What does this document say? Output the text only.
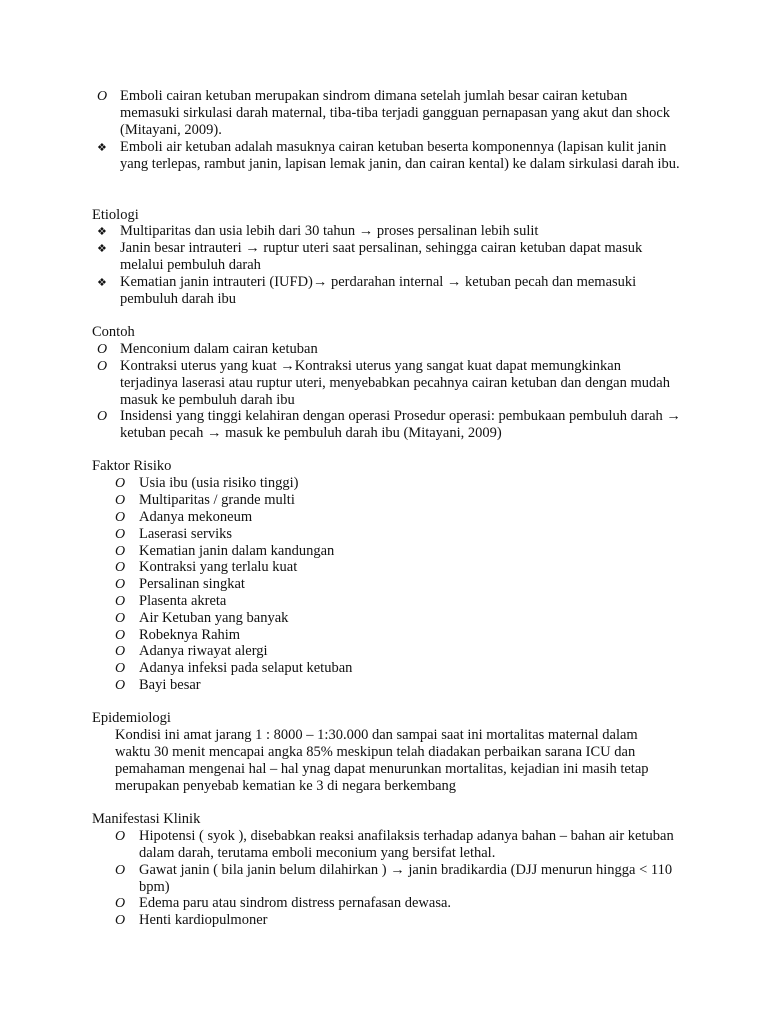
O Emboli cairan ketuban merupakan sindrom dimana setelah jumlah besar cairan ketuban memasuki sirkulasi darah maternal, tiba-tiba terjadi gangguan pernapasan yang akut dan shock (Mitayani, 2009).
❖ Emboli air ketuban adalah masuknya cairan ketuban beserta komponennya (lapisan kulit janin yang terlepas, rambut janin, lapisan lemak janin, dan cairan kental) ke dalam sirkulasi darah ibu.

Etiologi

❖ Multiparitas dan usia lebih dari 30 tahun → proses persalinan lebih sulit
❖ Janin besar intrauteri → ruptur uteri saat persalinan, sehingga cairan ketuban dapat masuk melalui pembuluh darah
❖ Kematian janin intrauteri (IUFD)→ perdarahan internal → ketuban pecah dan memasuki pembuluh darah ibu

Contoh

O Menconium dalam cairan ketuban
O Kontraksi uterus yang kuat →Kontraksi uterus yang sangat kuat dapat memungkinkan terjadinya laserasi atau ruptur uteri, menyebabkan pecahnya cairan ketuban dan dengan mudah masuk ke pembuluh darah ibu
O Insidensi yang tinggi kelahiran dengan operasi Prosedur operasi: pembukaan pembuluh darah → ketuban pecah → masuk ke pembuluh darah ibu (Mitayani, 2009)

Faktor Risiko

O Usia ibu (usia risiko tinggi)
O Multiparitas / grande multi
O Adanya mekoneum
O Laserasi serviks
O Kematian janin dalam kandungan
O Kontraksi yang terlalu kuat
O Persalinan singkat
O Plasenta akreta
O Air Ketuban yang banyak
O Robeknya Rahim
O Adanya riwayat alergi
O Adanya infeksi pada selaput ketuban
O Bayi besar

Epidemiologi

Kondisi ini amat jarang 1 : 8000 – 1:30.000 dan sampai saat ini mortalitas maternal dalam waktu 30 menit mencapai angka 85% meskipun telah diadakan perbaikan sarana ICU dan pemahaman mengenai hal – hal ynag dapat menurunkan mortalitas, kejadian ini masih tetap merupakan penyebab kematian ke 3 di negara berkembang

Manifestasi Klinik

O Hipotensi ( syok ), disebabkan reaksi anafilaksis terhadap adanya bahan – bahan air ketuban dalam darah, terutama emboli meconium yang bersifat lethal.
O Gawat janin ( bila janin belum dilahirkan ) → janin bradikardia (DJJ menurun hingga < 110 bpm)
O Edema paru atau sindrom distress pernafasan dewasa.
O Henti kardiopulmoner
